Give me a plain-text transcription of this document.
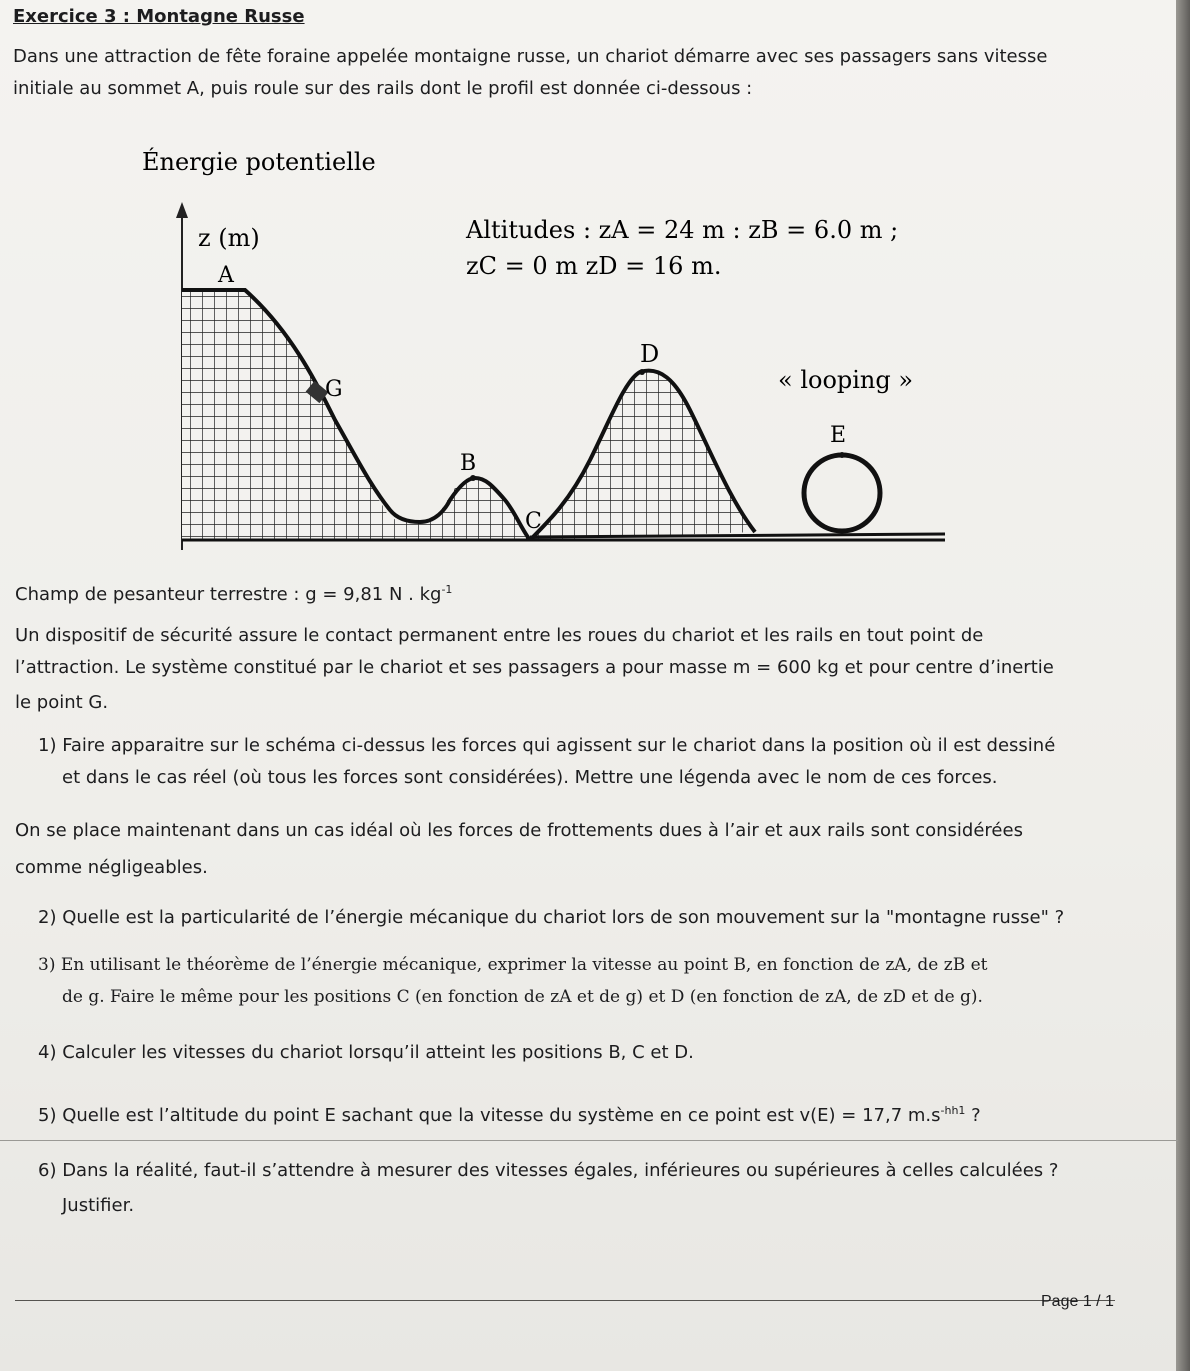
Exercice 3 : Montagne Russe

Dans une attraction de fête foraine appelée montaigne russe, un chariot démarre avec ses passagers sans vitesse

initiale au sommet A, puis roule sur des rails dont le profil est donnée ci-dessous :

Énergie potentielle
z (m)
A
G
B
C
D
E
« looping »
Altitudes : zA = 24 m : zB = 6.0 m ;
zC = 0 m zD = 16 m.

Champ de pesanteur terrestre : g = 9,81 N . $kg^{-1}$

Un dispositif de sécurité assure le contact permanent entre les roues du chariot et les rails en tout point de

l’attraction. Le système constitué par le chariot et ses passagers a pour masse m = 600 kg et pour centre d’inertie

le point G.

1) Faire apparaitre sur le schéma ci-dessus les forces qui agissent sur le chariot dans la position où il est dessiné

et dans le cas réel (où tous les forces sont considérées). Mettre une légenda avec le nom de ces forces.

On se place maintenant dans un cas idéal où les forces de frottements dues à l’air et aux rails sont considérées

comme négligeables.

2) Quelle est la particularité de l’énergie mécanique du chariot lors de son mouvement sur la "montagne russe" ?

3) En utilisant le théorème de l’énergie mécanique, exprimer la vitesse au point B, en fonction de zA, de zB et

de g. Faire le même pour les positions C (en fonction de zA et de g) et D (en fonction de zA, de zD et de g).

4) Calculer les vitesses du chariot lorsqu’il atteint les positions B, C et D.

5) Quelle est l’altitude du point E sachant que la vitesse du système en ce point est v(E) = 17,7 $m.s^{-hh1}$ ?

6) Dans la réalité, faut-il s’attendre à mesurer des vitesses égales, inférieures ou supérieures à celles calculées ?

Justifier.

Page 1 / 1
